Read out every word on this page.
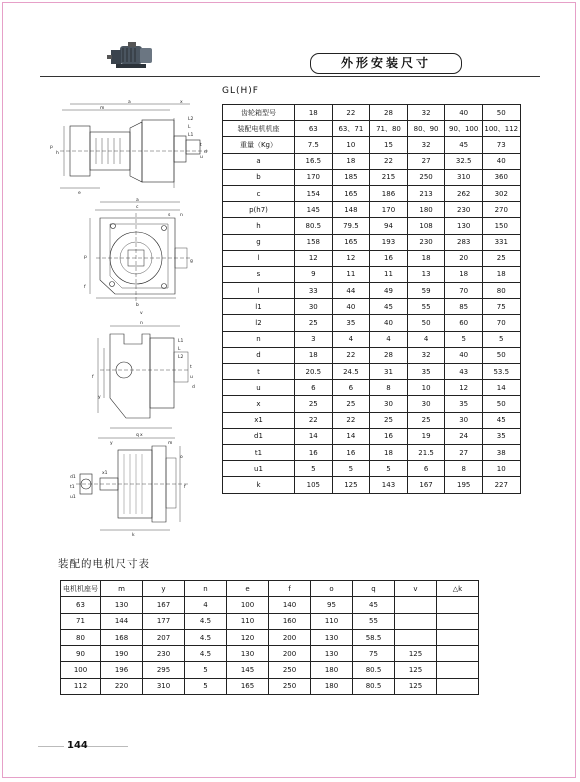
外形安装尺寸
GL(H)F
a	x
m
L2
L
L1
t
u
h
p
e
d
a
p
c
g
s
f
b
n
v
n
L1
L
L2
t
u
q
f
y
d
x
y
o
m
x1
k
f
d1
t1
u1
齿轮箱型号	18	22	28	32	40	50
装配电机机座	63	63、71	71、80	80、90	90、100	100、112
重量（Kg）	7.5	10	15	32	45	73
a	16.5	18	22	27	32.5	40
b	170	185	215	250	310	360
c	154	165	186	213	262	302
p(h7)	145	148	170	180	230	270
h	80.5	79.5	94	108	130	150
g	158	165	193	230	283	331
l	12	12	16	18	20	25
s	9	11	11	13	18	18
l	33	44	49	59	70	80
l1	30	40	45	55	85	75
l2	25	35	40	50	60	70
n	3	4	4	4	5	5
d	18	22	28	32	40	50
t	20.5	24.5	31	35	43	53.5
u	6	6	8	10	12	14
x	25	25	30	30	35	50
x1	22	22	25	25	30	45
d1	14	14	16	19	24	35
t1	16	16	18	21.5	27	38
u1	5	5	5	6	8	10
k	105	125	143	167	195	227
装配的电机尺寸表
电机机座号	m	y	n	e	f	o	q	v	△k
63	130	167	4	100	140	95	45		
71	144	177	4.5	110	160	110	55		
80	168	207	4.5	120	200	130	58.5		
90	190	230	4.5	130	200	130	75	125	
100	196	295	5	145	250	180	80.5	125	
112	220	310	5	165	250	180	80.5	125	
144
